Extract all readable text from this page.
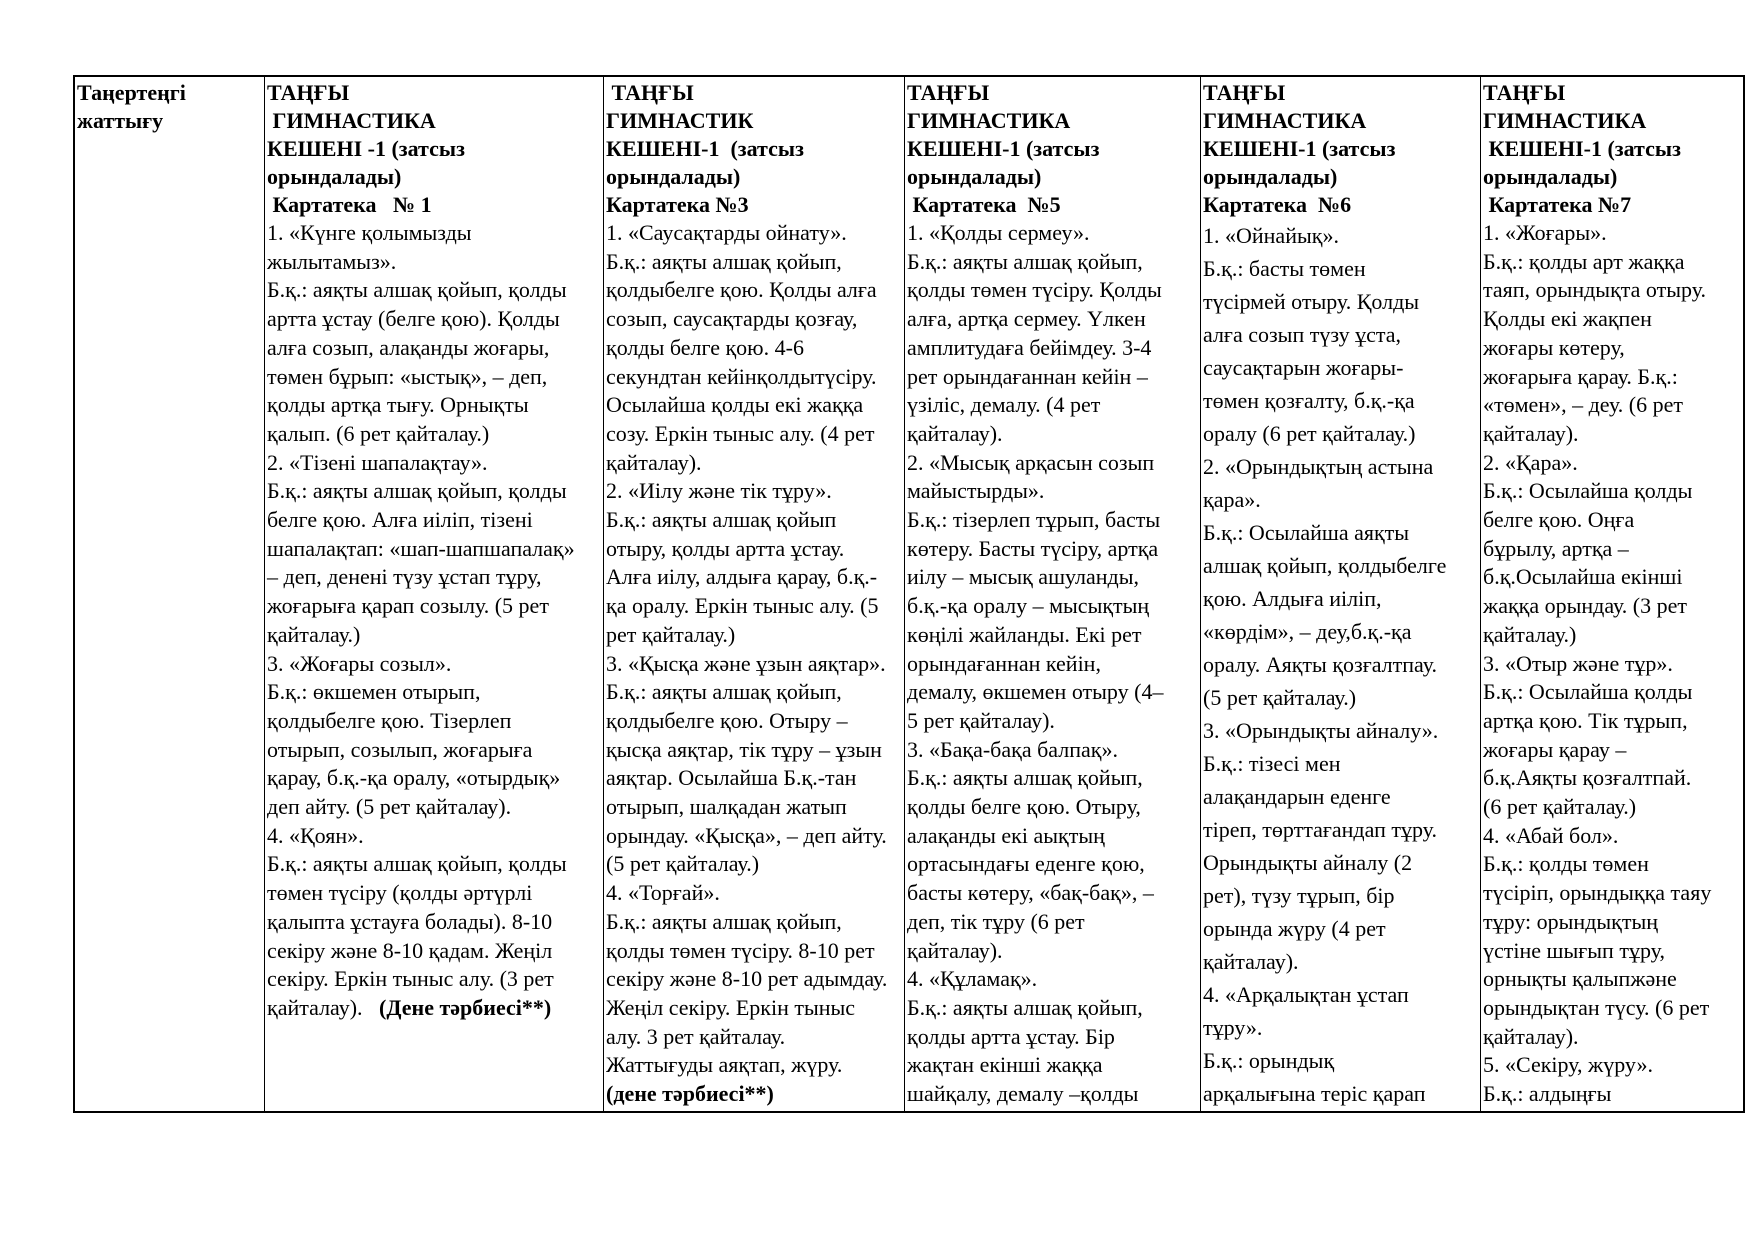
Таңертеңгі
жаттығу
ТАҢҒЫ
ГИМНАСТИКА
КЕШЕНІ -1 (затсыз
орындалады)
Картатека   № 1
1. «Күнге қолымызды
жылытамыз».
Б.қ.: аяқты алшақ қойып, қолды
артта ұстау (белге қою). Қолды
алға созып, алақанды жоғары,
төмен бұрып: «ыстық», – деп,
қолды артқа тығу. Орнықты
қалып. (6 рет қайталау.)
2. «Тізені шапалақтау».
Б.қ.: аяқты алшақ қойып, қолды
белге қою. Алға иіліп, тізені
шапалақтап: «шап-шапшапалақ»
– деп, денені түзу ұстап тұру,
жоғарыға қарап созылу. (5 рет
қайталау.)
3. «Жоғары созыл».
Б.қ.: өкшемен отырып,
қолдыбелге қою. Тізерлеп
отырып, созылып, жоғарыға
қарау, б.қ.-қа оралу, «отырдық»
деп айту. (5 рет қайталау).
4. «Қоян».
Б.қ.: аяқты алшақ қойып, қолды
төмен түсіру (қолды әртүрлі
қалыпта ұстауға болады). 8-10
секіру және 8-10 қадам. Жеңіл
секіру. Еркін тыныс алу. (3 рет
қайталау).   (Дене тәрбиесі**)
ТАҢҒЫ
ГИМНАСТИК
КЕШЕНІ-1  (затсыз
орындалады)
Картатека №3
1. «Саусақтарды ойнату».
Б.қ.: аяқты алшақ қойып,
қолдыбелге қою. Қолды алға
созып, саусақтарды қозғау,
қолды белге қою. 4-6
секундтан кейінқолдытүсіру.
Осылайша қолды екі жаққа
созу. Еркін тыныс алу. (4 рет
қайталау).
2. «Иілу және тік тұру».
Б.қ.: аяқты алшақ қойып
отыру, қолды артта ұстау.
Алға иілу, алдыға қарау, б.қ.-
қа оралу. Еркін тыныс алу. (5
рет қайталау.)
3. «Қысқа және ұзын аяқтар».
Б.қ.: аяқты алшақ қойып,
қолдыбелге қою. Отыру –
қысқа аяқтар, тік тұру – ұзын
аяқтар. Осылайша Б.қ.-тан
отырып, шалқадан жатып
орындау. «Қысқа», – деп айту.
(5 рет қайталау.)
4. «Торғай».
Б.қ.: аяқты алшақ қойып,
қолды төмен түсіру. 8-10 рет
секіру және 8-10 рет адымдау.
Жеңіл секіру. Еркін тыныс
алу. 3 рет қайталау.
Жаттығуды аяқтап, жүру.
(дене тәрбиесі**)
ТАҢҒЫ
ГИМНАСТИКА
КЕШЕНІ-1 (затсыз
орындалады)
Картатека  №5
1. «Қолды сермеу».
Б.қ.: аяқты алшақ қойып,
қолды төмен түсіру. Қолды
алға, артқа сермеу. Үлкен
амплитудаға бейімдеу. 3-4
рет орындағаннан кейін –
үзіліс, демалу. (4 рет
қайталау).
2. «Мысық арқасын созып
майыстырды».
Б.қ.: тізерлеп тұрып, басты
көтеру. Басты түсіру, артқа
иілу – мысық ашуланды,
б.қ.-қа оралу – мысықтың
көңілі жайланды. Екі рет
орындағаннан кейін,
демалу, өкшемен отыру (4–
5 рет қайталау).
3. «Бақа-бақа балпақ».
Б.қ.: аяқты алшақ қойып,
қолды белге қою. Отыру,
алақанды екі аықтың
ортасындағы еденге қою,
басты көтеру, «бақ-бақ», –
деп, тік тұру (6 рет
қайталау).
4. «Құламақ».
Б.қ.: аяқты алшақ қойып,
қолды артта ұстау. Бір
жақтан екінші жаққа
шайқалу, демалу –қолды
ТАҢҒЫ
ГИМНАСТИКА
КЕШЕНІ-1 (затсыз
орындалады)
Картатека  №6
1. «Ойнайық».
Б.қ.: басты төмен
түсірмей отыру. Қолды
алға созып түзу ұста,
саусақтарын жоғары-
төмен қозғалту, б.қ.-қа
оралу (6 рет қайталау.)
2. «Орындықтың астына
қара».
Б.қ.: Осылайша аяқты
алшақ қойып, қолдыбелге
қою. Алдыға иіліп,
«көрдім», – деу,б.қ.-қа
оралу. Аяқты қозғалтпау.
(5 рет қайталау.)
3. «Орындықты айналу».
Б.қ.: тізесі мен
алақандарын еденге
тіреп, төрттағандап тұру.
Орындықты айналу (2
рет), түзу тұрып, бір
орында жүру (4 рет
қайталау).
4. «Арқалықтан ұстап
тұру».
Б.қ.: орындық
арқалығына теріс қарап
ТАҢҒЫ
ГИМНАСТИКА
КЕШЕНІ-1 (затсыз
орындалады)
Картатека №7
1. «Жоғары».
Б.қ.: қолды арт жаққа
таяп, орындықта отыру.
Қолды екі жақпен
жоғары көтеру,
жоғарыға қарау. Б.қ.:
«төмен», – деу. (6 рет
қайталау).
2. «Қара».
Б.қ.: Осылайша қолды
белге қою. Оңға
бұрылу, артқа –
б.қ.Осылайша екінші
жаққа орындау. (3 рет
қайталау.)
3. «Отыр және тұр».
Б.қ.: Осылайша қолды
артқа қою. Тік тұрып,
жоғары қарау –
б.қ.Аяқты қозғалтпай.
(6 рет қайталау.)
4. «Абай бол».
Б.қ.: қолды төмен
түсіріп, орындыққа таяу
тұру: орындықтың
үстіне шығып тұру,
орнықты қалыпжәне
орындықтан түсу. (6 рет
қайталау).
5. «Секіру, жүру».
Б.қ.: алдыңғы
